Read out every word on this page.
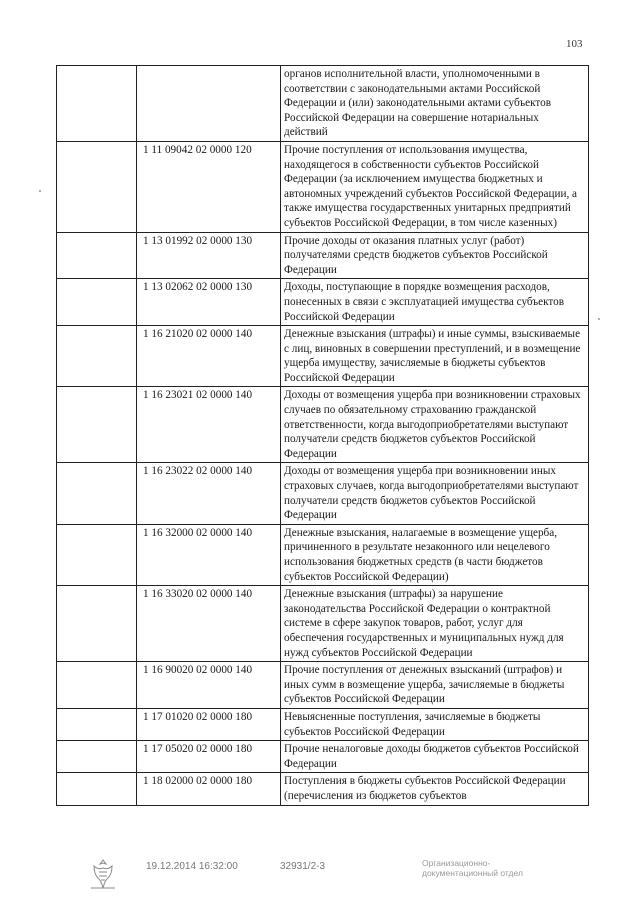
103
		органов исполнительной власти, уполномоченными в соответствии с законодательными актами Российской Федерации и (или) законодательными актами субъектов Российской Федерации на совершение нотариальных действий
	1 11 09042 02 0000 120	Прочие поступления от использования имущества, находящегося в собственности субъектов Российской Федерации (за исключением имущества бюджетных и автономных учреждений субъектов Российской Федерации, а также имущества государственных унитарных предприятий субъектов Российской Федерации, в том числе казенных)
	1 13 01992 02 0000 130	Прочие доходы от оказания платных услуг (работ) получателями средств бюджетов субъектов Российской Федерации
	1 13 02062 02 0000 130	Доходы, поступающие в порядке возмещения расходов, понесенных в связи с эксплуатацией имущества субъектов Российской Федерации
	1 16 21020 02 0000 140	Денежные взыскания (штрафы) и иные суммы, взыскиваемые с лиц, виновных в совершении преступлений, и в возмещение ущерба имуществу, зачисляемые в бюджеты субъектов Российской Федерации
	1 16 23021 02 0000 140	Доходы от возмещения ущерба при возникновении страховых случаев по обязательному страхованию гражданской ответственности, когда выгодоприобретателями выступают получатели средств бюджетов субъектов Российской Федерации
	1 16 23022 02 0000 140	Доходы от возмещения ущерба при возникновении иных страховых случаев, когда выгодоприобретателями выступают получатели средств бюджетов субъектов Российской Федерации
	1 16 32000 02 0000 140	Денежные взыскания, налагаемые в возмещение ущерба, причиненного в результате незаконного или нецелевого использования бюджетных средств (в части бюджетов субъектов Российской Федерации)
	1 16 33020 02 0000 140	Денежные взыскания (штрафы) за нарушение законодательства Российской Федерации о контрактной системе в сфере закупок товаров, работ, услуг для обеспечения государственных и муниципальных нужд для нужд субъектов Российской Федерации
	1 16 90020 02 0000 140	Прочие поступления от денежных взысканий (штрафов) и иных сумм в возмещение ущерба, зачисляемые в бюджеты субъектов Российской Федерации
	1 17 01020 02 0000 180	Невыясненные поступления, зачисляемые в бюджеты субъектов Российской Федерации
	1 17 05020 02 0000 180	Прочие неналоговые доходы бюджетов субъектов Российской Федерации
	1 18 02000 02 0000 180	Поступления в бюджеты субъектов Российской Федерации (перечисления из бюджетов субъектов
19.12.2014 16:32:00	32931/2-3	Организационно-документационный отдел
